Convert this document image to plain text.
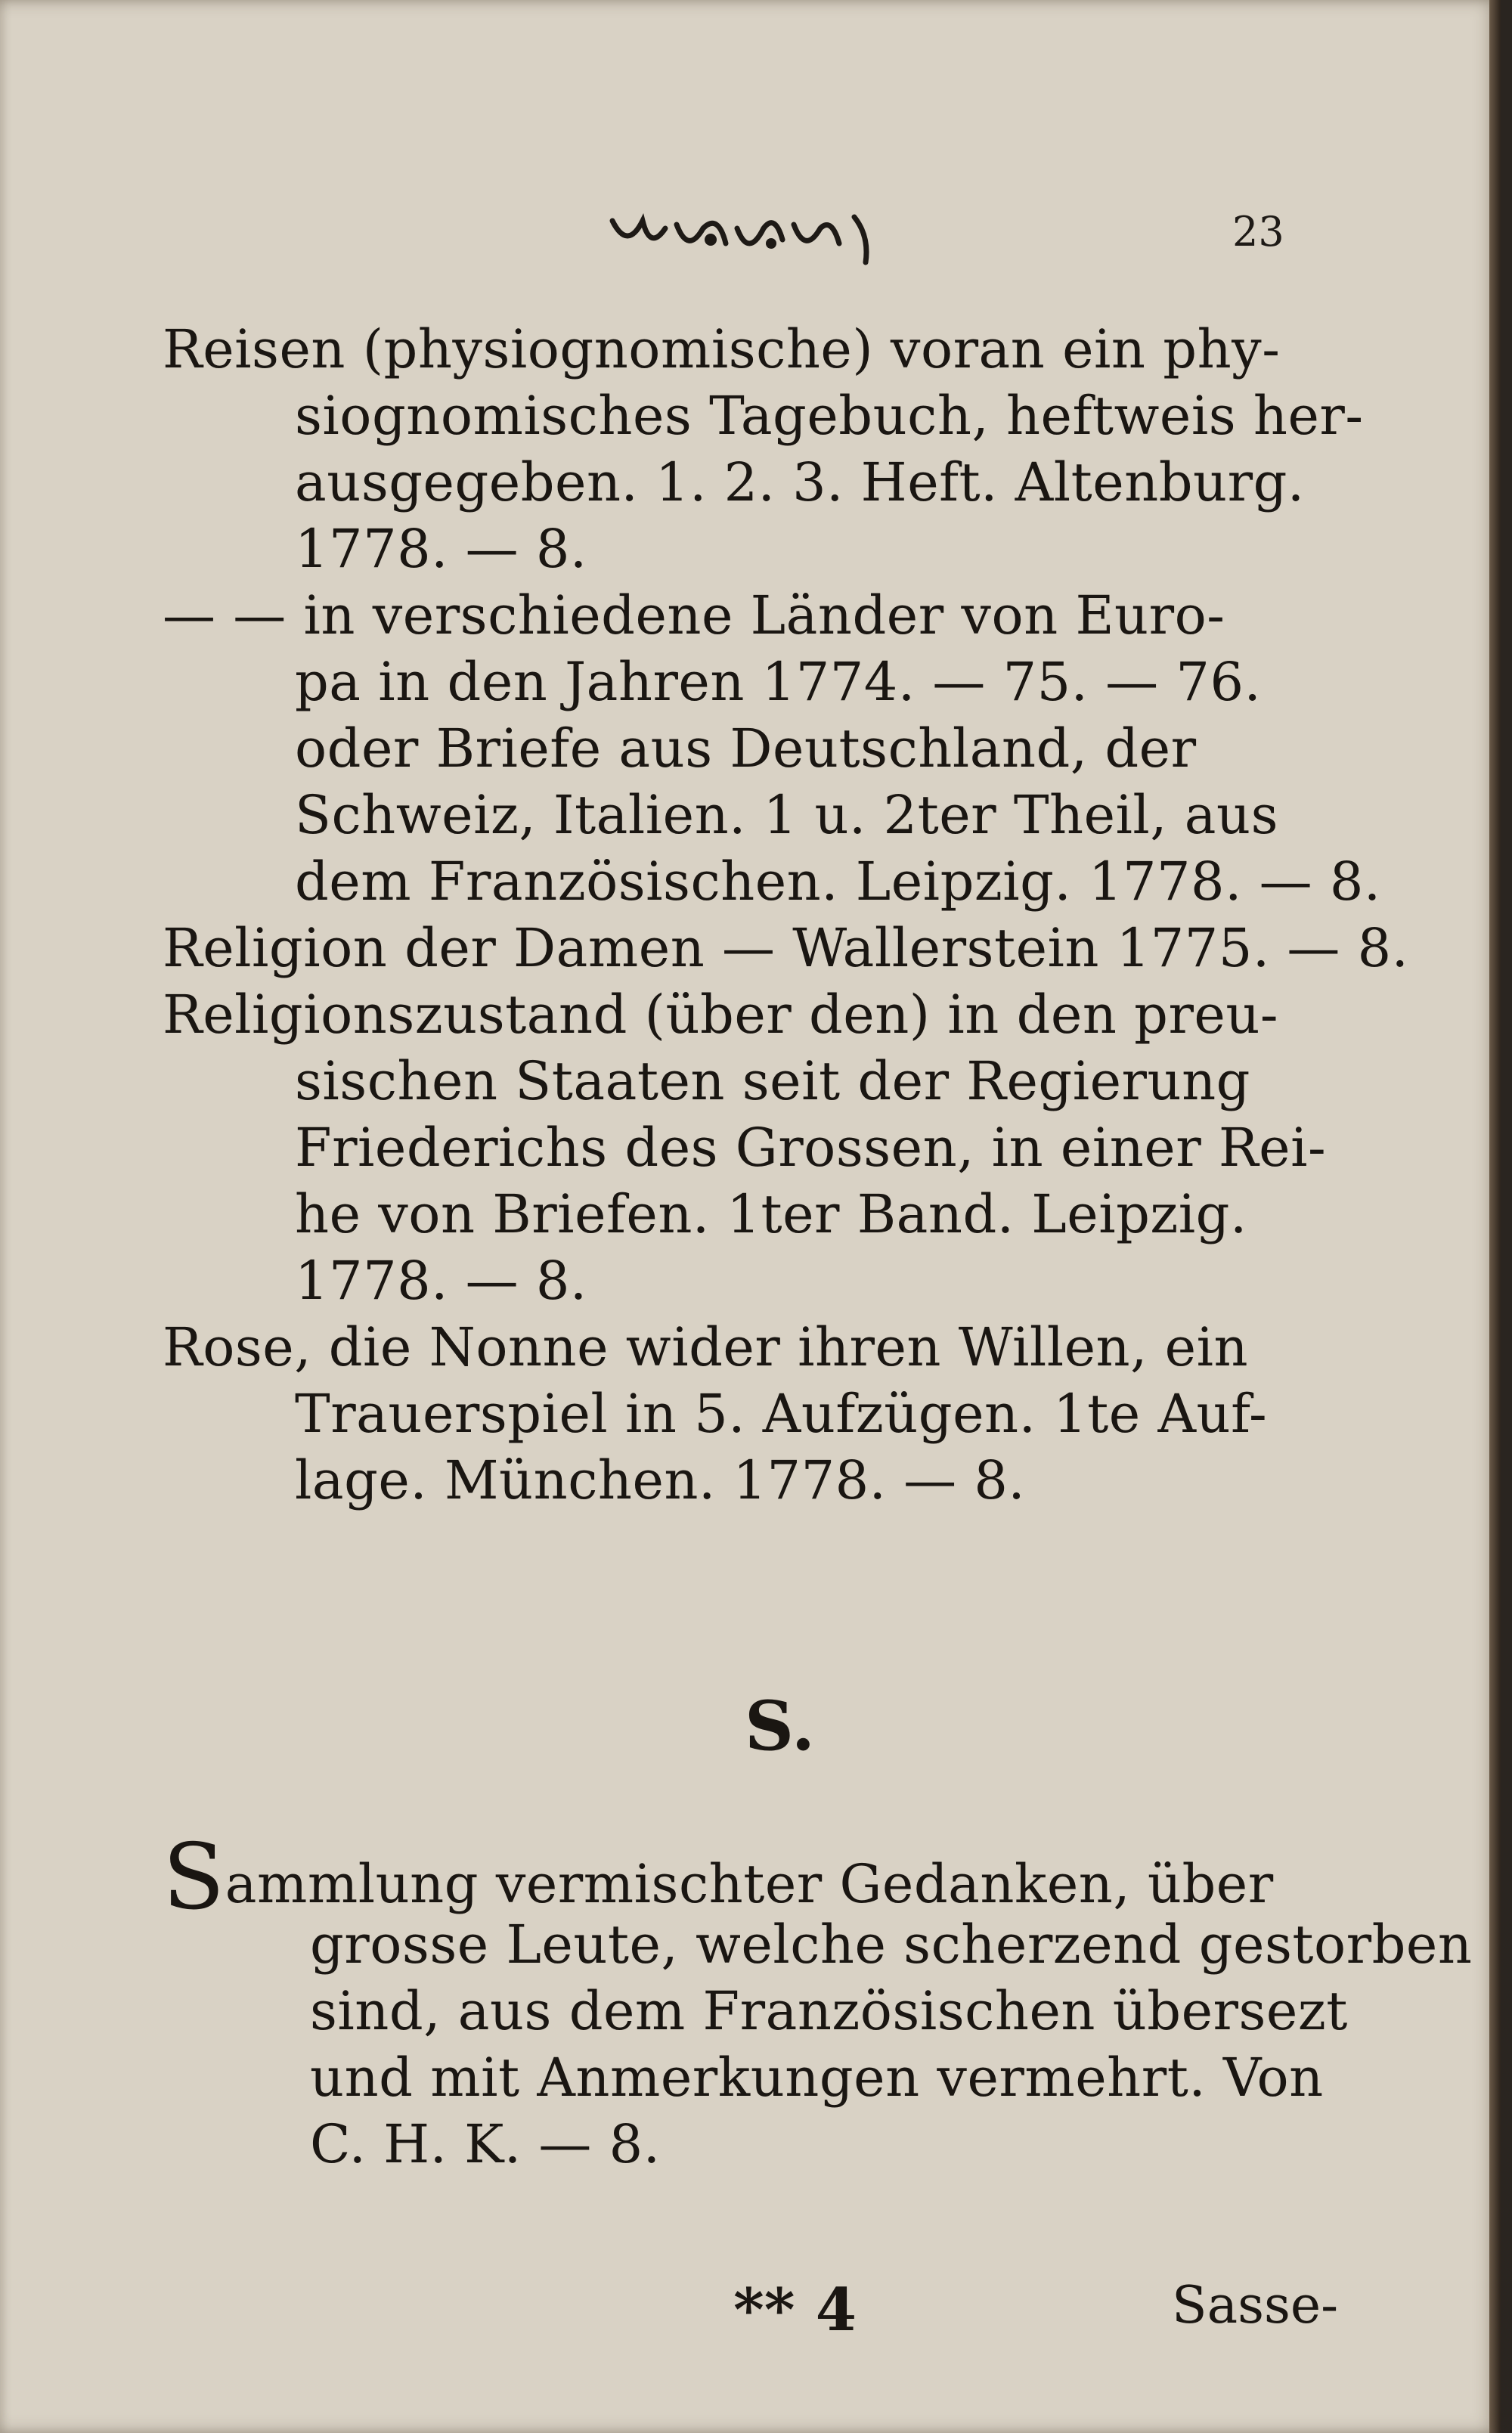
23
Reisen (physiognomische) voran ein phy-
siognomisches Tagebuch, heftweis her-
ausgegeben. 1. 2. 3. Heft. Altenburg.
1778. — 8.
— — in verschiedene Länder von Euro-
pa in den Jahren 1774. — 75. — 76.
oder Briefe aus Deutschland, der
Schweiz, Italien. 1 u. 2ter Theil, aus
dem Französischen. Leipzig. 1778. — 8.
Religion der Damen — Wallerstein 1775. — 8.
Religionszustand (über den) in den preu-
sischen Staaten seit der Regierung
Friederichs des Grossen, in einer Rei-
he von Briefen. 1ter Band. Leipzig.
1778. — 8.
Rose, die Nonne wider ihren Willen, ein
Trauerspiel in 5. Aufzügen. 1te Auf-
lage. München. 1778. — 8.
S.
Sammlung vermischter Gedanken, über
grosse Leute, welche scherzend gestorben
sind, aus dem Französischen übersezt
und mit Anmerkungen vermehrt. Von
C. H. K. — 8.
** 4	Sasse-
